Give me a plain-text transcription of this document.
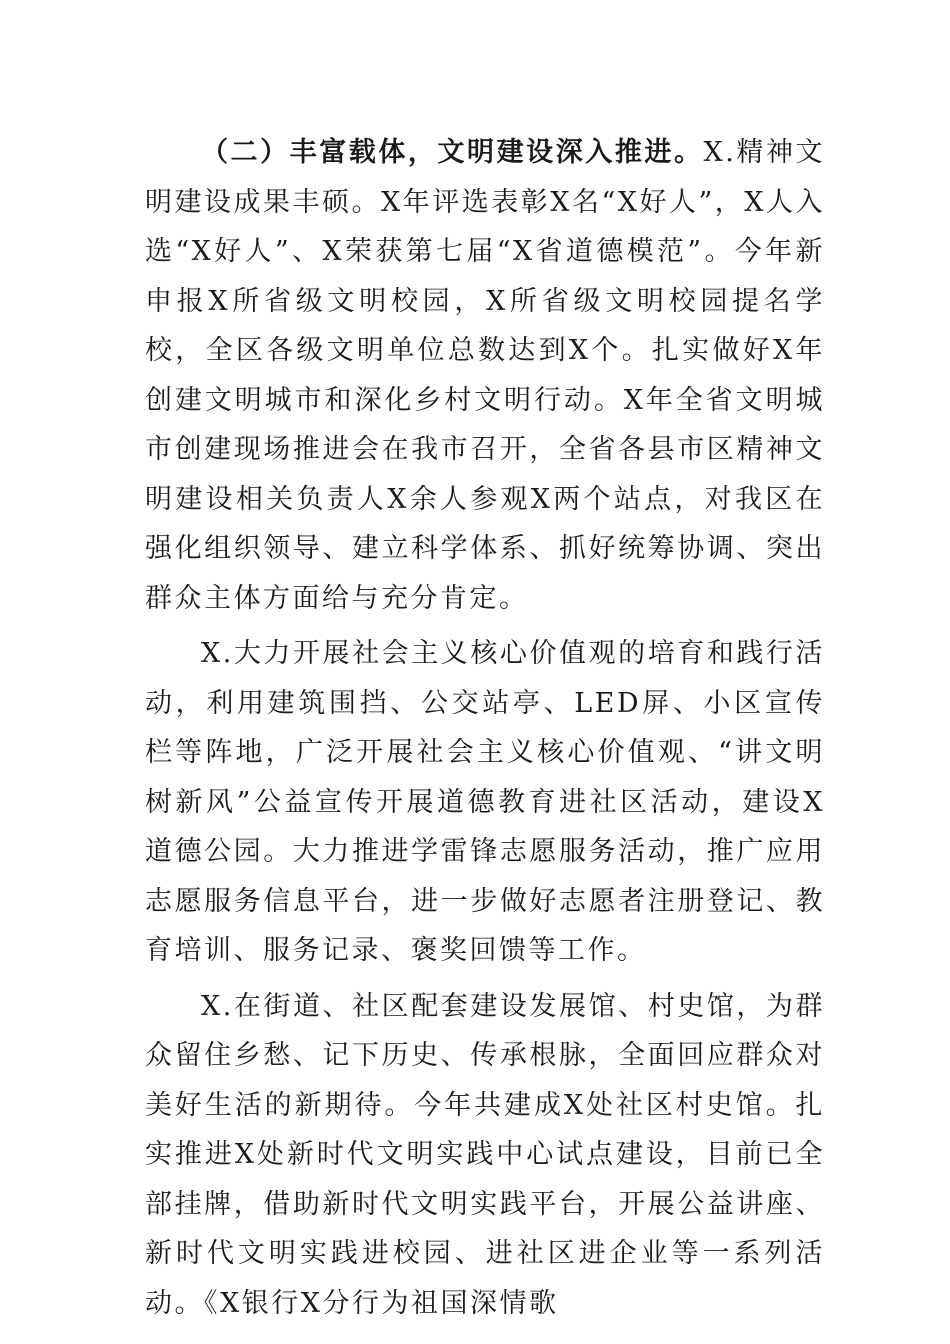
（二）丰富载体，文明建设深入推进。X.精神文明建设成果丰硕。X年评选表彰X名“X好人”，X人入选“X好人”、X荣获第七届“X省道德模范”。今年新申报X所省级文明校园，X所省级文明校园提名学校，全区各级文明单位总数达到X个。扎实做好X年创建文明城市和深化乡村文明行动。X年全省文明城市创建现场推进会在我市召开，全省各县市区精神文明建设相关负责人X余人参观X两个站点，对我区在强化组织领导、建立科学体系、抓好统筹协调、突出群众主体方面给与充分肯定。

X.大力开展社会主义核心价值观的培育和践行活动，利用建筑围挡、公交站亭、LED屏、小区宣传栏等阵地，广泛开展社会主义核心价值观、“讲文明树新风”公益宣传开展道德教育进社区活动，建设X道德公园。大力推进学雷锋志愿服务活动，推广应用志愿服务信息平台，进一步做好志愿者注册登记、教育培训、服务记录、褒奖回馈等工作。

X.在街道、社区配套建设发展馆、村史馆，为群众留住乡愁、记下历史、传承根脉，全面回应群众对美好生活的新期待。今年共建成X处社区村史馆。扎实推进X处新时代文明实践中心试点建设，目前已全部挂牌，借助新时代文明实践平台，开展公益讲座、新时代文明实践进校园、进社区进企业等一系列活动。《X银行X分行为祖国深情歌
